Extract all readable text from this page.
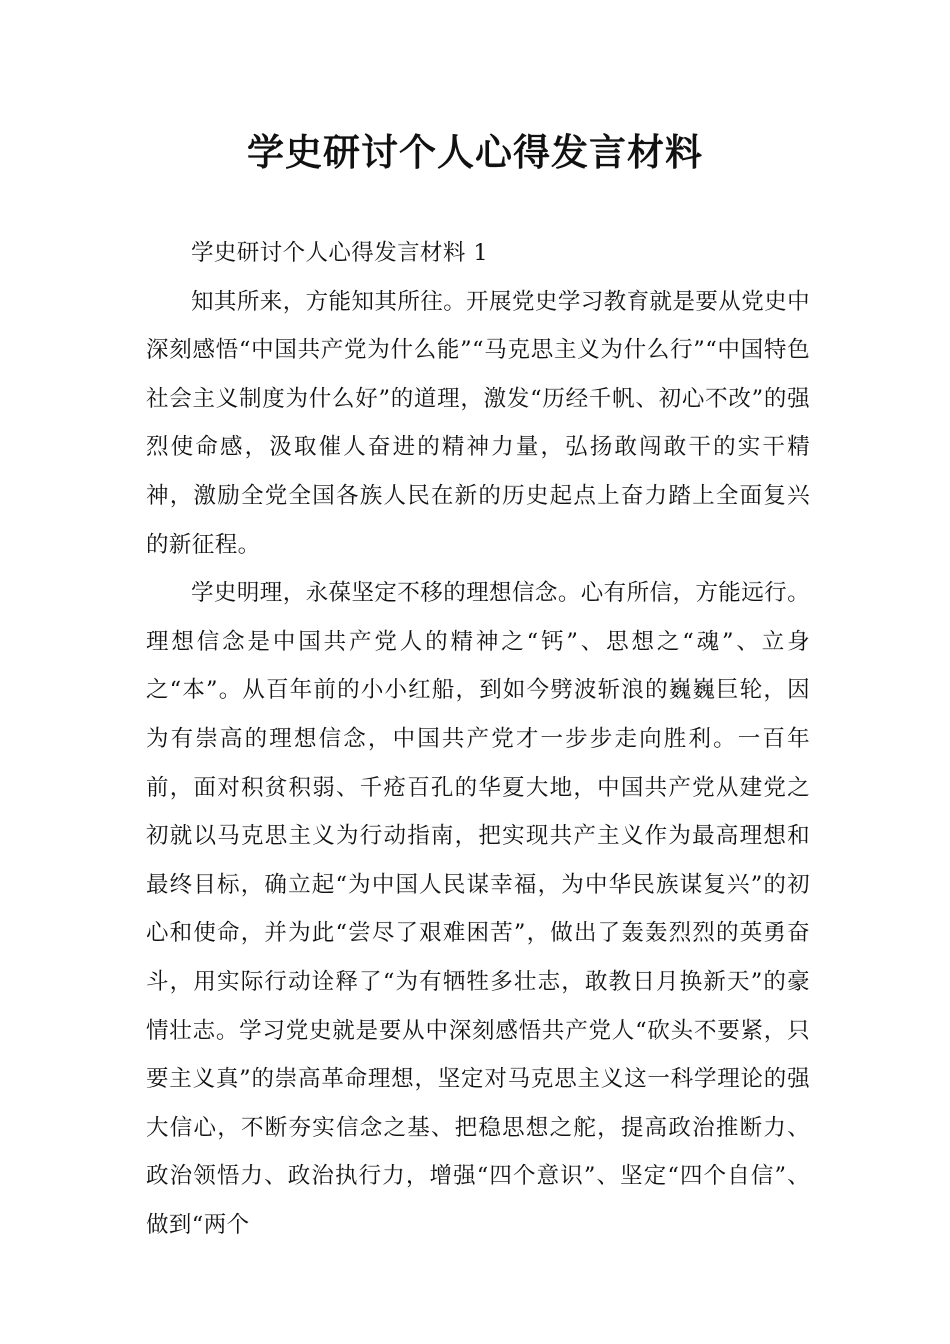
学史研讨个人心得发言材料

学史研讨个人心得发言材料 1

知其所来，方能知其所往。开展党史学习教育就是要从党史中深刻感悟“中国共产党为什么能”“马克思主义为什么行”“中国特色社会主义制度为什么好”的道理，激发“历经千帆、初心不改”的强烈使命感，汲取催人奋进的精神力量，弘扬敢闯敢干的实干精神，激励全党全国各族人民在新的历史起点上奋力踏上全面复兴的新征程。

学史明理，永葆坚定不移的理想信念。心有所信，方能远行。理想信念是中国共产党人的精神之“钙”、思想之“魂”、立身之“本”。从百年前的小小红船，到如今劈波斩浪的巍巍巨轮，因为有崇高的理想信念，中国共产党才一步步走向胜利。一百年前，面对积贫积弱、千疮百孔的华夏大地，中国共产党从建党之初就以马克思主义为行动指南，把实现共产主义作为最高理想和最终目标，确立起“为中国人民谋幸福，为中华民族谋复兴”的初心和使命，并为此“尝尽了艰难困苦”，做出了轰轰烈烈的英勇奋斗，用实际行动诠释了“为有牺牲多壮志，敢教日月换新天”的豪情壮志。学习党史就是要从中深刻感悟共产党人“砍头不要紧，只要主义真”的崇高革命理想，坚定对马克思主义这一科学理论的强大信心，不断夯实信念之基、把稳思想之舵，提高政治推断力、政治领悟力、政治执行力，增强“四个意识”、坚定“四个自信”、做到“两个
